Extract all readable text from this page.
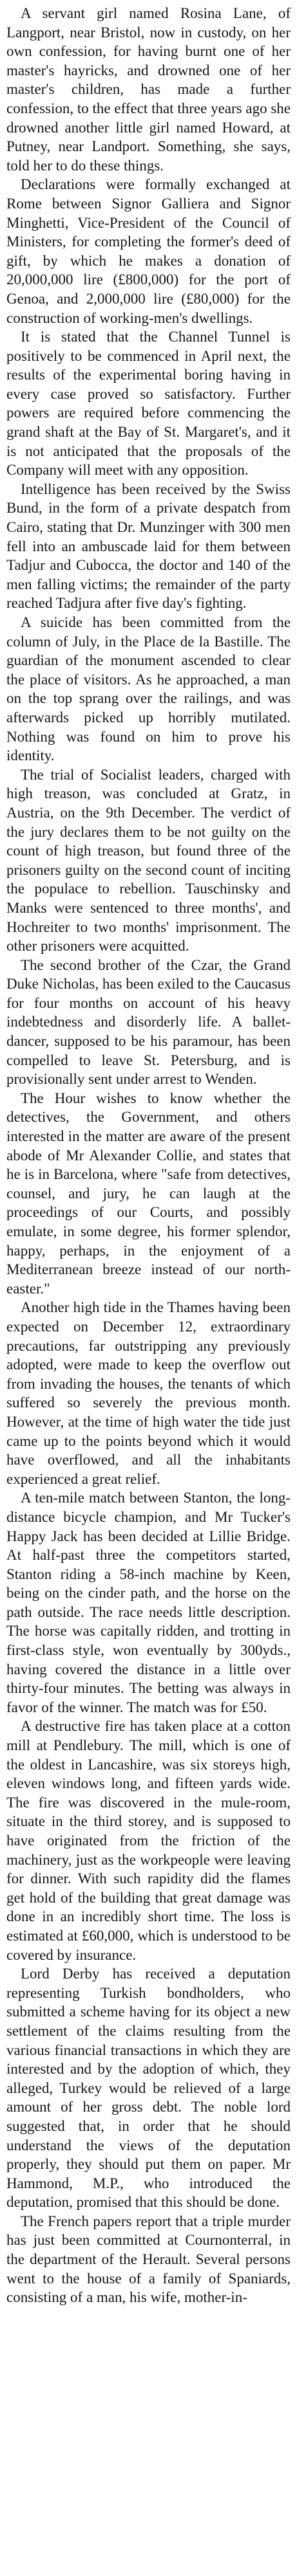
A servant girl named Rosina Lane, of Langport, near Bristol, now in custody, on her own confession, for having burnt one of her master's hayricks, and drowned one of her master's children, has made a further confession, to the effect that three years ago she drowned another little girl named Howard, at Putney, near Landport. Something, she says, told her to do these things.

Declarations were formally exchanged at Rome between Signor Galliera and Signor Minghetti, Vice-President of the Council of Ministers, for completing the former's deed of gift, by which he makes a donation of 20,000,000 lire (£800,000) for the port of Genoa, and 2,000,000 lire (£80,000) for the construction of working-men's dwellings.

It is stated that the Channel Tunnel is positively to be commenced in April next, the results of the experimental boring having in every case proved so satisfactory. Further powers are required before commencing the grand shaft at the Bay of St. Margaret's, and it is not anticipated that the proposals of the Company will meet with any opposition.

Intelligence has been received by the Swiss Bund, in the form of a private despatch from Cairo, stating that Dr. Munzinger with 300 men fell into an ambuscade laid for them between Tadjur and Cubocca, the doctor and 140 of the men falling victims; the remainder of the party reached Tadjura after five day's fighting.

A suicide has been committed from the column of July, in the Place de la Bastille. The guardian of the monument ascended to clear the place of visitors. As he approached, a man on the top sprang over the railings, and was afterwards picked up horribly mutilated. Nothing was found on him to prove his identity.

The trial of Socialist leaders, charged with high treason, was concluded at Gratz, in Austria, on the 9th December. The verdict of the jury declares them to be not guilty on the count of high treason, but found three of the prisoners guilty on the second count of inciting the populace to rebellion. Tauschinsky and Manks were sentenced to three months', and Hochreiter to two months' imprisonment. The other prisoners were acquitted.

The second brother of the Czar, the Grand Duke Nicholas, has been exiled to the Caucasus for four months on account of his heavy indebtedness and disorderly life. A ballet-dancer, supposed to be his paramour, has been compelled to leave St. Petersburg, and is provisionally sent under arrest to Wenden.

The Hour wishes to know whether the detectives, the Government, and others interested in the matter are aware of the present abode of Mr Alexander Collie, and states that he is in Barcelona, where "safe from detectives, counsel, and jury, he can laugh at the proceedings of our Courts, and possibly emulate, in some degree, his former splendor, happy, perhaps, in the enjoyment of a Mediterranean breeze instead of our north-easter."

Another high tide in the Thames having been expected on December 12, extraordinary precautions, far outstripping any previously adopted, were made to keep the overflow out from invading the houses, the tenants of which suffered so severely the previous month. However, at the time of high water the tide just came up to the points beyond which it would have overflowed, and all the inhabitants experienced a great relief.

A ten-mile match between Stanton, the long-distance bicycle champion, and Mr Tucker's Happy Jack has been decided at Lillie Bridge. At half-past three the competitors started, Stanton riding a 58-inch machine by Keen, being on the cinder path, and the horse on the path outside. The race needs little description. The horse was capitally ridden, and trotting in first-class style, won eventually by 300yds., having covered the distance in a little over thirty-four minutes. The betting was always in favor of the winner. The match was for £50.

A destructive fire has taken place at a cotton mill at Pendlebury. The mill, which is one of the oldest in Lancashire, was six storeys high, eleven windows long, and fifteen yards wide. The fire was discovered in the mule-room, situate in the third storey, and is supposed to have originated from the friction of the machinery, just as the workpeople were leaving for dinner. With such rapidity did the flames get hold of the building that great damage was done in an incredibly short time. The loss is estimated at £60,000, which is understood to be covered by insurance.

Lord Derby has received a deputation representing Turkish bondholders, who submitted a scheme having for its object a new settlement of the claims resulting from the various financial transactions in which they are interested and by the adoption of which, they alleged, Turkey would be relieved of a large amount of her gross debt. The noble lord suggested that, in order that he should understand the views of the deputation properly, they should put them on paper. Mr Hammond, M.P., who introduced the deputation, promised that this should be done.

The French papers report that a triple murder has just been committed at Cournonterral, in the department of the Herault. Several persons went to the house of a family of Spaniards, consisting of a man, his wife, mother-in-
